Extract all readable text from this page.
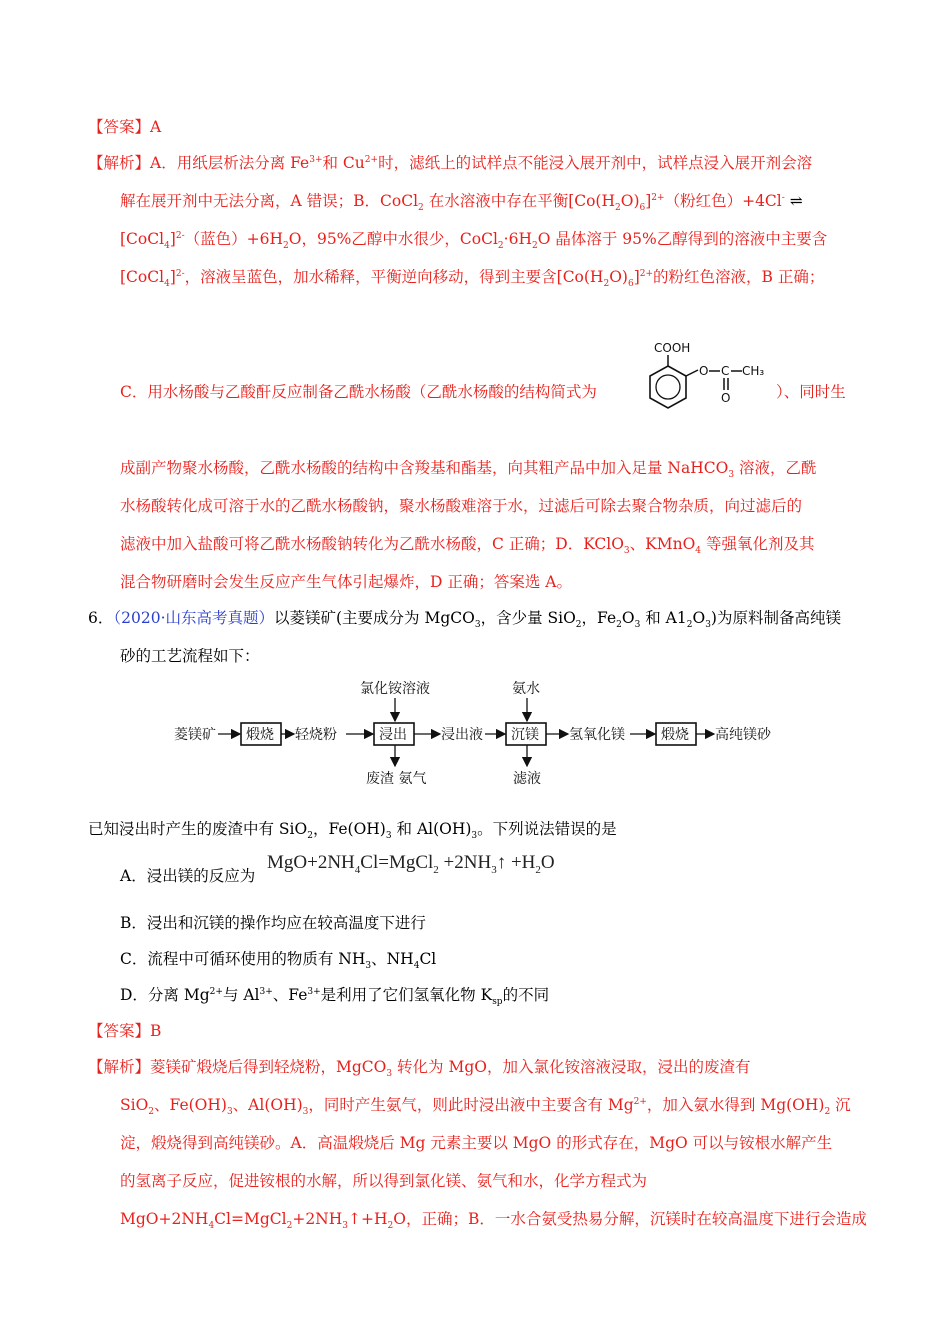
【答案】A
【解析】A．用纸层析法分离 $Fe^{3+}$和 $Cu^{2+}$时，滤纸上的试样点不能浸入展开剂中，试样点浸入展开剂会溶
解在展开剂中无法分离，A 错误；B．CoCl$_2$ 在水溶液中存在平衡$[Co(H_2O)_6]^{2+}$（粉红色）+4Cl- ⇌
[CoCl$_4$]$^{2-}$（蓝色）$+6H_2O$，95%乙醇中水很少，$CoCl_2\cdot 6H_2O$ 晶体溶于 95%乙醇得到的溶液中主要含
[CoCl$_4$]$^{2-}$，溶液呈蓝色，加水稀释，平衡逆向移动，得到主要含$[Co(H_2O)_6]^{2+}$的粉红色溶液，B 正确；
C．用水杨酸与乙酸酐反应制备乙酰水杨酸（乙酰水杨酸的结构简式为
COOH
O C CH₃
O	）、同时生
成副产物聚水杨酸，乙酰水杨酸的结构中含羧基和酯基，向其粗产品中加入足量 NaHCO$_3$ 溶液，乙酰
水杨酸转化成可溶于水的乙酰水杨酸钠，聚水杨酸难溶于水，过滤后可除去聚合物杂质，向过滤后的
滤液中加入盐酸可将乙酰水杨酸钠转化为乙酰水杨酸，C 正确；D．KClO$_3$、KMnO$_4$ 等强氧化剂及其
混合物研磨时会发生反应产生气体引起爆炸，D 正确；答案选 A。
6．（2020·山东高考真题）以菱镁矿(主要成分为 MgCO$_3$，含少量 SiO$_2$，$Fe_2O_3$ 和 $A1_2O_3$)为原料制备高纯镁
砂的工艺流程如下：
菱镁矿 煅烧 轻烧粉
氯化铵溶液
浸出
废渣 氨气
浸出液
氨水
沉镁
滤液
氢氧化镁	煅烧 高纯镁砂
已知浸出时产生的废渣中有 SiO$_2$，$Fe(OH)_3$ 和 $Al(OH)_3$。下列说法错误的是
A．浸出镁的反应为
$MgO+2NH_4Cl=MgCl_2$ $+2NH_3↑ +H_2O$
B．浸出和沉镁的操作均应在较高温度下进行
C．流程中可循环使用的物质有 $NH_3$、$NH_4Cl$
D．分离 $Mg^{2+}$与 $Al^{3+}$、$Fe^{3+}$是利用了它们氢氧化物 $K_{sp}$的不同
【答案】B
【解析】菱镁矿煅烧后得到轻烧粉，MgCO$_3$ 转化为 MgO，加入氯化铵溶液浸取，浸出的废渣有
SiO$_2$、$Fe(OH)_3$、$Al(OH)_3$，同时产生氨气，则此时浸出液中主要含有 $Mg^{2+}$，加入氨水得到 $Mg(OH)_2$ 沉
淀，煅烧得到高纯镁砂。A．高温煅烧后 Mg 元素主要以 MgO 的形式存在，MgO 可以与铵根水解产生
的氢离子反应，促进铵根的水解，所以得到氯化镁、氨气和水，化学方程式为
$MgO+2NH_4Cl=MgCl_2+2NH_3↑+H_2O$，正确；B．一水合氨受热易分解，沉镁时在较高温度下进行会造成
